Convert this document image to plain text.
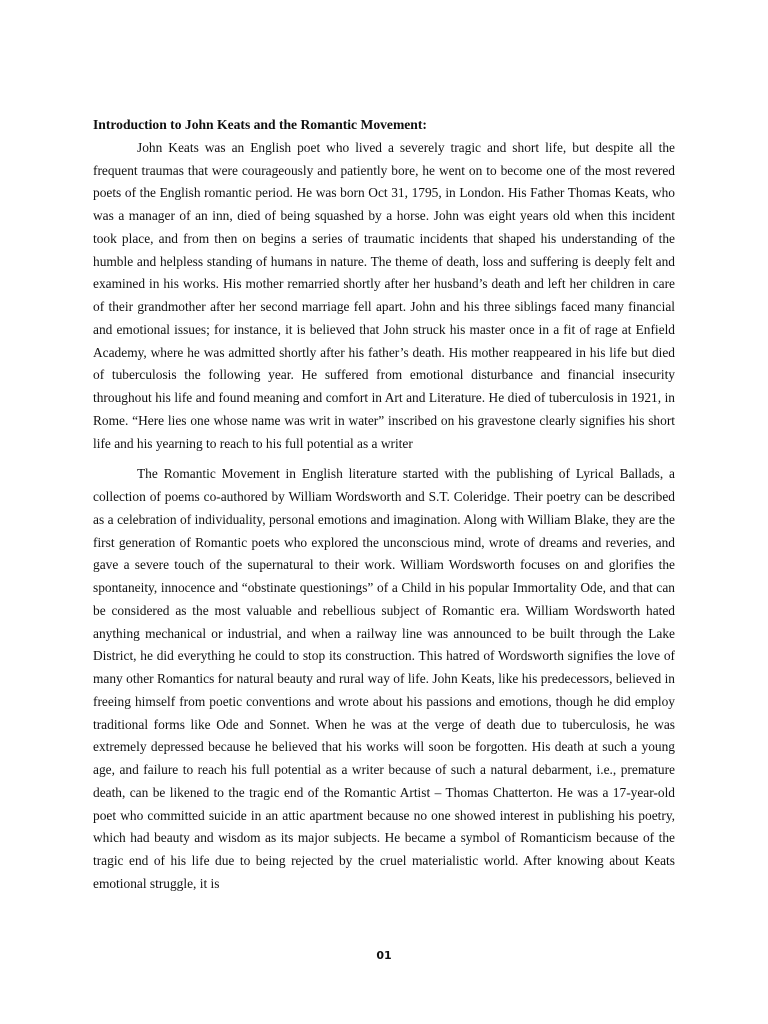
Introduction to John Keats and the Romantic Movement:

John Keats was an English poet who lived a severely tragic and short life, but despite all the frequent traumas that were courageously and patiently bore, he went on to become one of the most revered poets of the English romantic period. He was born Oct 31, 1795, in London. His Father Thomas Keats, who was a manager of an inn, died of being squashed by a horse. John was eight years old when this incident took place, and from then on begins a series of traumatic incidents that shaped his understanding of the humble and helpless standing of humans in nature. The theme of death, loss and suffering is deeply felt and examined in his works. His mother remarried shortly after her husband’s death and left her children in care of their grandmother after her second marriage fell apart. John and his three siblings faced many financial and emotional issues; for instance, it is believed that John struck his master once in a fit of rage at Enfield Academy, where he was admitted shortly after his father’s death. His mother reappeared in his life but died of tuberculosis the following year. He suffered from emotional disturbance and financial insecurity throughout his life and found meaning and comfort in Art and Literature. He died of tuberculosis in 1921, in Rome. “Here lies one whose name was writ in water” inscribed on his gravestone clearly signifies his short life and his yearning to reach to his full potential as a writer

The Romantic Movement in English literature started with the publishing of Lyrical Ballads, a collection of poems co-authored by William Wordsworth and S.T. Coleridge. Their poetry can be described as a celebration of individuality, personal emotions and imagination. Along with William Blake, they are the first generation of Romantic poets who explored the unconscious mind, wrote of dreams and reveries, and gave a severe touch of the supernatural to their work. William Wordsworth focuses on and glorifies the spontaneity, innocence and “obstinate questionings” of a Child in his popular Immortality Ode, and that can be considered as the most valuable and rebellious subject of Romantic era. William Wordsworth hated anything mechanical or industrial, and when a railway line was announced to be built through the Lake District, he did everything he could to stop its construction. This hatred of Wordsworth signifies the love of many other Romantics for natural beauty and rural way of life. John Keats, like his predecessors, believed in freeing himself from poetic conventions and wrote about his passions and emotions, though he did employ traditional forms like Ode and Sonnet. When he was at the verge of death due to tuberculosis, he was extremely depressed because he believed that his works will soon be forgotten. His death at such a young age, and failure to reach his full potential as a writer because of such a natural debarment, i.e., premature death, can be likened to the tragic end of the Romantic Artist – Thomas Chatterton. He was a 17-year-old poet who committed suicide in an attic apartment because no one showed interest in publishing his poetry, which had beauty and wisdom as its major subjects. He became a symbol of Romanticism because of the tragic end of his life due to being rejected by the cruel materialistic world. After knowing about Keats emotional struggle, it is

01
